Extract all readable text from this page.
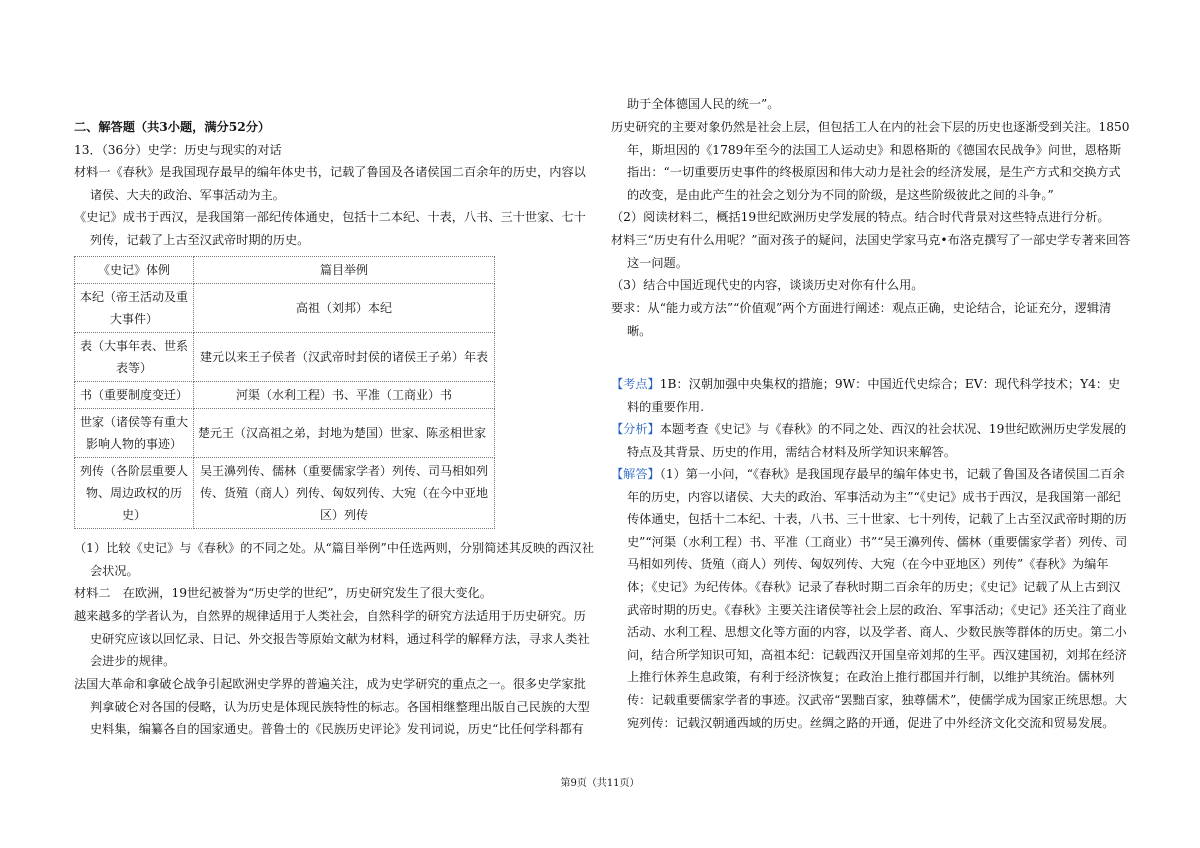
二、解答题（共3小题，满分52分）
13．（36分）史学：历史与现实的对话
材料一《春秋》是我国现存最早的编年体史书，记载了鲁国及各诸侯国二百余年的历史，内容以诸侯、大夫的政治、军事活动为主。
《史记》成书于西汉，是我国第一部纪传体通史，包括十二本纪、十表，八书、三十世家、七十列传，记载了上古至汉武帝时期的历史。
《史记》体例	篇目举例
本纪（帝王活动及重大事件）	高祖（刘邦）本纪
表（大事年表、世系表等）	建元以来王子侯者（汉武帝时封侯的诸侯王子弟）年表
书（重要制度变迁）	河渠（水利工程）书、平准（工商业）书
世家（诸侯等有重大影响人物的事迹）	楚元王（汉高祖之弟，封地为楚国）世家、陈丞相世家
列传（各阶层重要人物、周边政权的历史）	吴王濞列传、儒林（重要儒家学者）列传、司马相如列传、货殖（商人）列传、匈奴列传、大宛（在今中亚地区）列传
（1）比较《史记》与《春秋》的不同之处。从“篇目举例”中任选两则，分别简述其反映的西汉社会状况。
材料二　在欧洲，19世纪被誉为“历史学的世纪”，历史研究发生了很大变化。
越来越多的学者认为，自然界的规律适用于人类社会，自然科学的研究方法适用于历史研究。历史研究应该以回忆录、日记、外交报告等原始文献为材料，通过科学的解释方法，寻求人类社会进步的规律。
法国大革命和拿破仑战争引起欧洲史学界的普遍关注，成为史学研究的重点之一。很多史学家批判拿破仑对各国的侵略，认为历史是体现民族特性的标志。各国相继整理出版自己民族的大型史料集，编纂各自的国家通史。普鲁士的《民族历史评论》发刊词说，历史“比任何学科都有
助于全体德国人民的统一”。
历史研究的主要对象仍然是社会上层，但包括工人在内的社会下层的历史也逐渐受到关注。1850年，斯坦因的《1789年至今的法国工人运动史》和恩格斯的《德国农民战争》问世，恩格斯指出：“一切重要历史事件的终极原因和伟大动力是社会的经济发展，是生产方式和交换方式的改变，是由此产生的社会之划分为不同的阶级，是这些阶级彼此之间的斗争。”
（2）阅读材料二，概括19世纪欧洲历史学发展的特点。结合时代背景对这些特点进行分析。
材料三“历史有什么用呢？”面对孩子的疑问，法国史学家马克•布洛克撰写了一部史学专著来回答这一问题。
（3）结合中国近现代史的内容，谈谈历史对你有什么用。
要求：从“能力或方法”“价值观”两个方面进行阐述：观点正确，史论结合，论证充分，逻辑清晰。
【考点】1B：汉朝加强中央集权的措施；9W：中国近代史综合；EV：现代科学技术；Y4：史料的重要作用.
【分析】本题考查《史记》与《春秋》的不同之处、西汉的社会状况、19世纪欧洲历史学发展的特点及其背景、历史的作用，需结合材料及所学知识来解答。
【解答】（1）第一小问，“《春秋》是我国现存最早的编年体史书，记载了鲁国及各诸侯国二百余年的历史，内容以诸侯、大夫的政治、军事活动为主”“《史记》成书于西汉，是我国第一部纪传体通史，包括十二本纪、十表，八书、三十世家、七十列传，记载了上古至汉武帝时期的历史”“河渠（水利工程）书、平准（工商业）书”“吴王濞列传、儒林（重要儒家学者）列传、司马相如列传、货殖（商人）列传、匈奴列传、大宛（在今中亚地区）列传”《春秋》为编年体；《史记》为纪传体。《春秋》记录了春秋时期二百余年的历史；《史记》记载了从上古到汉武帝时期的历史。《春秋》主要关注诸侯等社会上层的政治、军事活动；《史记》还关注了商业活动、水利工程、思想文化等方面的内容，以及学者、商人、少数民族等群体的历史。第二小问，结合所学知识可知，高祖本纪：记载西汉开国皇帝刘邦的生平。西汉建国初，刘邦在经济上推行休养生息政策，有利于经济恢复；在政治上推行郡国并行制，以维护其统治。儒林列传：记载重要儒家学者的事迹。汉武帝“罢黜百家，独尊儒术”，使儒学成为国家正统思想。大宛列传：记载汉朝通西域的历史。丝绸之路的开通，促进了中外经济文化交流和贸易发展。
第9页（共11页）
